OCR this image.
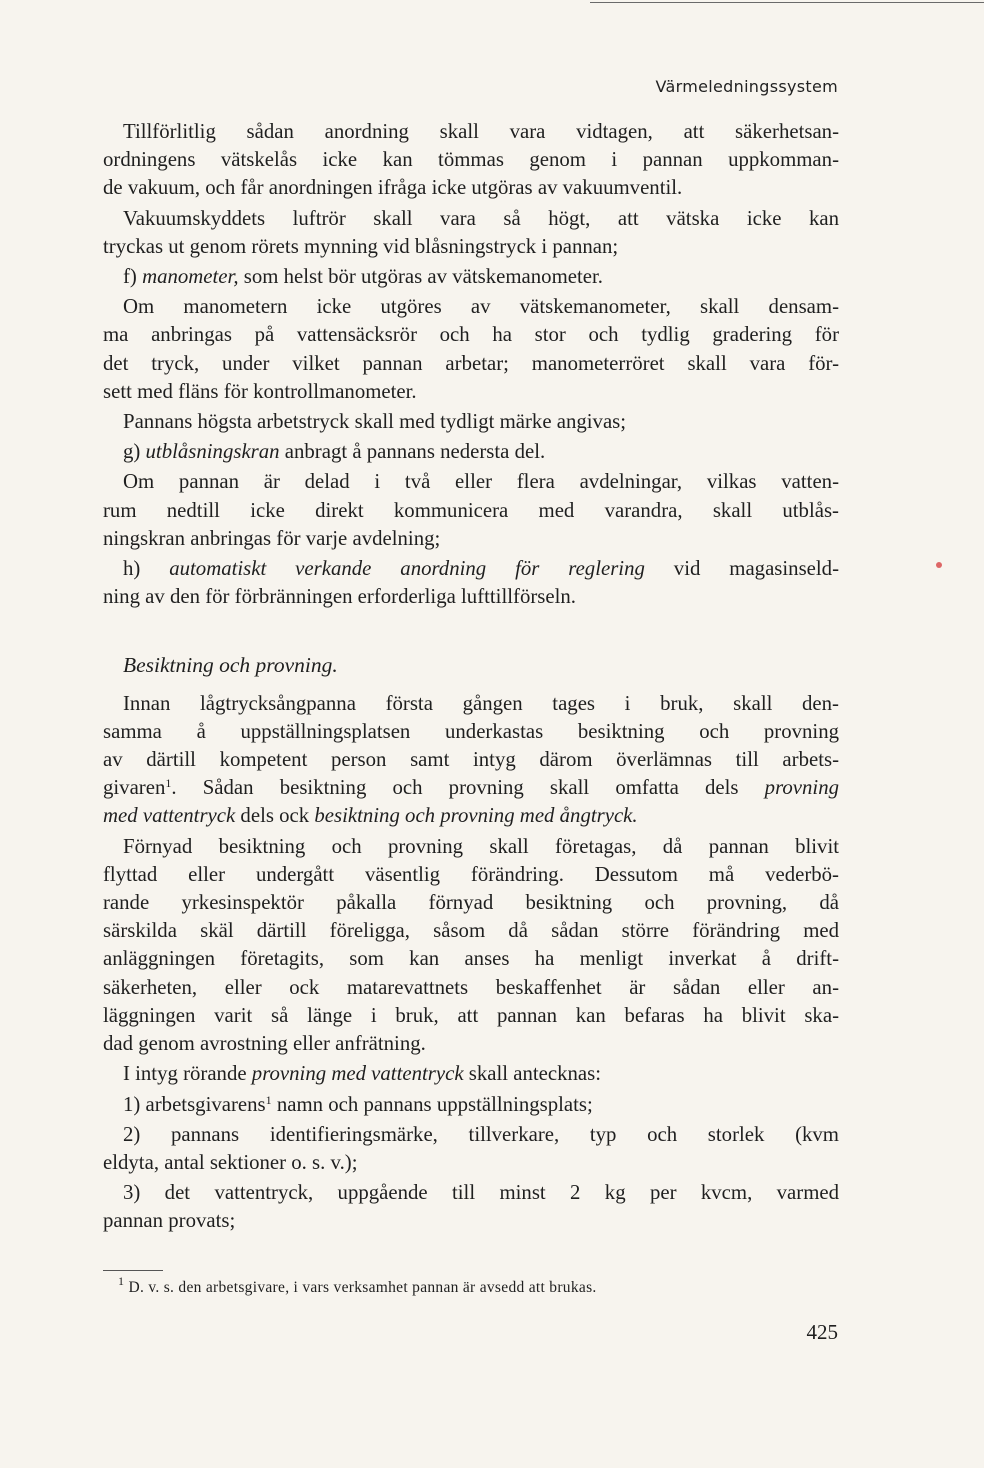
Värmeledningssystem
Tillförlitlig sådan anordning skall vara vidtagen, att säkerhetsan-
ordningens vätskelås icke kan tömmas genom i pannan uppkomman-
de vakuum, och får anordningen ifråga icke utgöras av vakuumventil.
Vakuumskyddets luftrör skall vara så högt, att vätska icke kan
tryckas ut genom rörets mynning vid blåsningstryck i pannan;
f) manometer, som helst bör utgöras av vätskemanometer.
Om manometern icke utgöres av vätskemanometer, skall densam-
ma anbringas på vattensäcksrör och ha stor och tydlig gradering för
det tryck, under vilket pannan arbetar; manometerröret skall vara för-
sett med fläns för kontrollmanometer.
Pannans högsta arbetstryck skall med tydligt märke angivas;
g) utblåsningskran anbragt å pannans nedersta del.
Om pannan är delad i två eller flera avdelningar, vilkas vatten-
rum nedtill icke direkt kommunicera med varandra, skall utblås-
ningskran anbringas för varje avdelning;
h) automatiskt verkande anordning för reglering vid magasinseld-
ning av den för förbränningen erforderliga lufttillförseln.
Besiktning och provning.
Innan lågtrycksångpanna första gången tages i bruk, skall den-
samma å uppställningsplatsen underkastas besiktning och provning
av därtill kompetent person samt intyg därom överlämnas till arbets-
givaren$^1$. Sådan besiktning och provning skall omfatta dels provning
med vattentryck dels ock besiktning och provning med ångtryck.
Förnyad besiktning och provning skall företagas, då pannan blivit
flyttad eller undergått väsentlig förändring. Dessutom må vederbö-
rande yrkesinspektör påkalla förnyad besiktning och provning, då
särskilda skäl därtill föreligga, såsom då sådan större förändring med
anläggningen företagits, som kan anses ha menligt inverkat å drift-
säkerheten, eller ock matarevattnets beskaffenhet är sådan eller an-
läggningen varit så länge i bruk, att pannan kan befaras ha blivit ska-
dad genom avrostning eller anfrätning.
I intyg rörande provning med vattentryck skall antecknas:
1) arbetsgivarens$^1$ namn och pannans uppställningsplats;
2) pannans identifieringsmärke, tillverkare, typ och storlek (kvm
eldyta, antal sektioner o. s. v.);
3) det vattentryck, uppgående till minst 2 kg per kvcm, varmed
pannan provats;
$^1$ D. v. s. den arbetsgivare, i vars verksamhet pannan är avsedd att brukas.
425
